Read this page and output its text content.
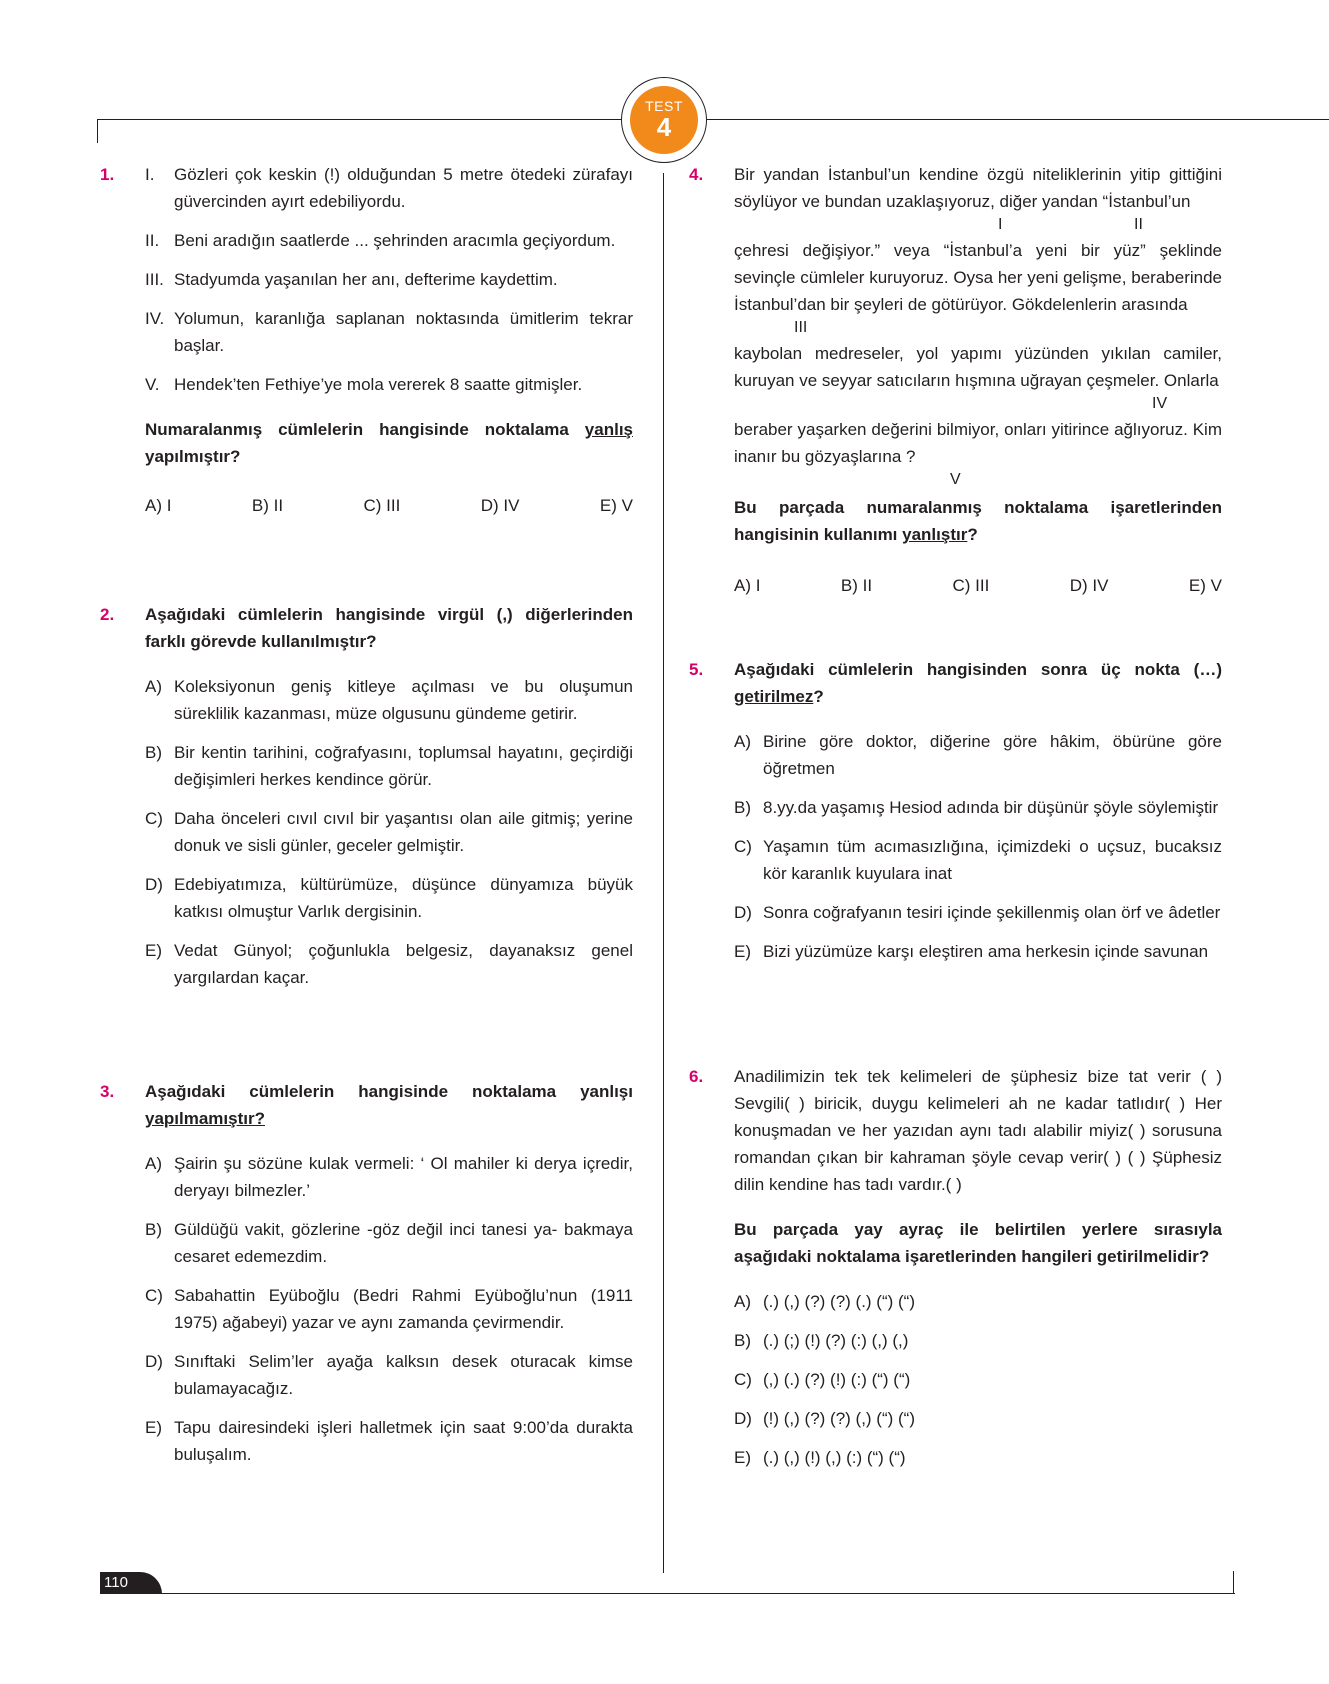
TEST
4
1. I. Gözleri çok keskin (!) olduğundan 5 metre ötedeki zürafayı güvercinden ayırt edebiliyordu.
II. Beni aradığın saatlerde ... şehrinden aracımla geçiyordum.
III. Stadyumda yaşanılan her anı, defterime kaydettim.
IV. Yolumun, karanlığa saplanan noktasında ümitlerim tekrar başlar.
V. Hendek’ten Fethiye’ye mola vererek 8 saatte gitmişler.
Numaralanmış cümlelerin hangisinde noktalama yanlış yapılmıştır?
A) I	B) II	C) III	D) IV	E) V
2. Aşağıdaki cümlelerin hangisinde virgül (,) diğerlerinden farklı görevde kullanılmıştır?
A) Koleksiyonun geniş kitleye açılması ve bu oluşumun süreklilik kazanması, müze olgusunu gündeme getirir.
B) Bir kentin tarihini, coğrafyasını, toplumsal hayatını, geçirdiği değişimleri herkes kendince görür.
C) Daha önceleri cıvıl cıvıl bir yaşantısı olan aile gitmiş; yerine donuk ve sisli günler, geceler gelmiştir.
D) Edebiyatımıza, kültürümüze, düşünce dünyamıza büyük katkısı olmuştur Varlık dergisinin.
E) Vedat Günyol; çoğunlukla belgesiz, dayanaksız genel yargılardan kaçar.
3. Aşağıdaki cümlelerin hangisinde noktalama yanlışı yapılmamıştır?
A) Şairin şu sözüne kulak vermeli: ‘ Ol mahiler ki derya içredir, deryayı bilmezler.’
B) Güldüğü vakit, gözlerine -göz değil inci tanesi ya- bakmaya cesaret edemezdim.
C) Sabahattin Eyüboğlu (Bedri Rahmi Eyüboğlu’nun (1911 1975) ağabeyi) yazar ve aynı zamanda çevirmendir.
D) Sınıftaki Selim’ler ayağa kalksın desek oturacak kimse bulamayacağız.
E) Tapu dairesindeki işleri halletmek için saat 9:00’da durakta buluşalım.
4. Bir yandan İstanbul’un kendine özgü niteliklerinin yitip gittiğini söylüyor ve bundan uzaklaşıyoruz, diğer yandan “İstanbul’un
I	II
çehresi değişiyor.” veya “İstanbul’a yeni bir yüz” şeklinde sevinçle cümleler kuruyoruz. Oysa her yeni gelişme, beraberinde İstanbul’dan bir şeyleri de götürüyor. Gökdelenlerin arasında
III
kaybolan medreseler, yol yapımı yüzünden yıkılan camiler, kuruyan ve seyyar satıcıların hışmına uğrayan çeşmeler. Onlarla
IV
beraber yaşarken değerini bilmiyor, onları yitirince ağlıyoruz. Kim inanır bu gözyaşlarına ?
V
Bu parçada numaralanmış noktalama işaretlerinden hangisinin kullanımı yanlıştır?
A) I	B) II	C) III	D) IV	E) V
5. Aşağıdaki cümlelerin hangisinden sonra üç nokta (…) getirilmez?
A) Birine göre doktor, diğerine göre hâkim, öbürüne göre öğretmen
B) 8.yy.da yaşamış Hesiod adında bir düşünür şöyle söylemiştir
C) Yaşamın tüm acımasızlığına, içimizdeki o uçsuz, bucaksız kör karanlık kuyulara inat
D) Sonra coğrafyanın tesiri içinde şekillenmiş olan örf ve âdetler
E) Bizi yüzümüze karşı eleştiren ama herkesin içinde savunan
6. Anadilimizin tek tek kelimeleri de şüphesiz bize tat verir ( ) Sevgili( ) biricik, duygu kelimeleri ah ne kadar tatlıdır( ) Her konuşmadan ve her yazıdan aynı tadı alabilir miyiz( ) sorusuna romandan çıkan bir kahraman şöyle cevap verir( ) ( ) Şüphesiz dilin kendine has tadı vardır.( )
Bu parçada yay ayraç ile belirtilen yerlere sırasıyla aşağıdaki noktalama işaretlerinden hangileri getirilmelidir?
A) (.) (,) (?) (?) (.) (“) (“)
B) (.) (;) (!) (?) (:) (,) (,)
C) (,) (.) (?) (!) (:) (“) (“)
D) (!) (,) (?) (?) (,) (“) (“)
E) (.) (,) (!) (,) (:) (“) (“)
110
